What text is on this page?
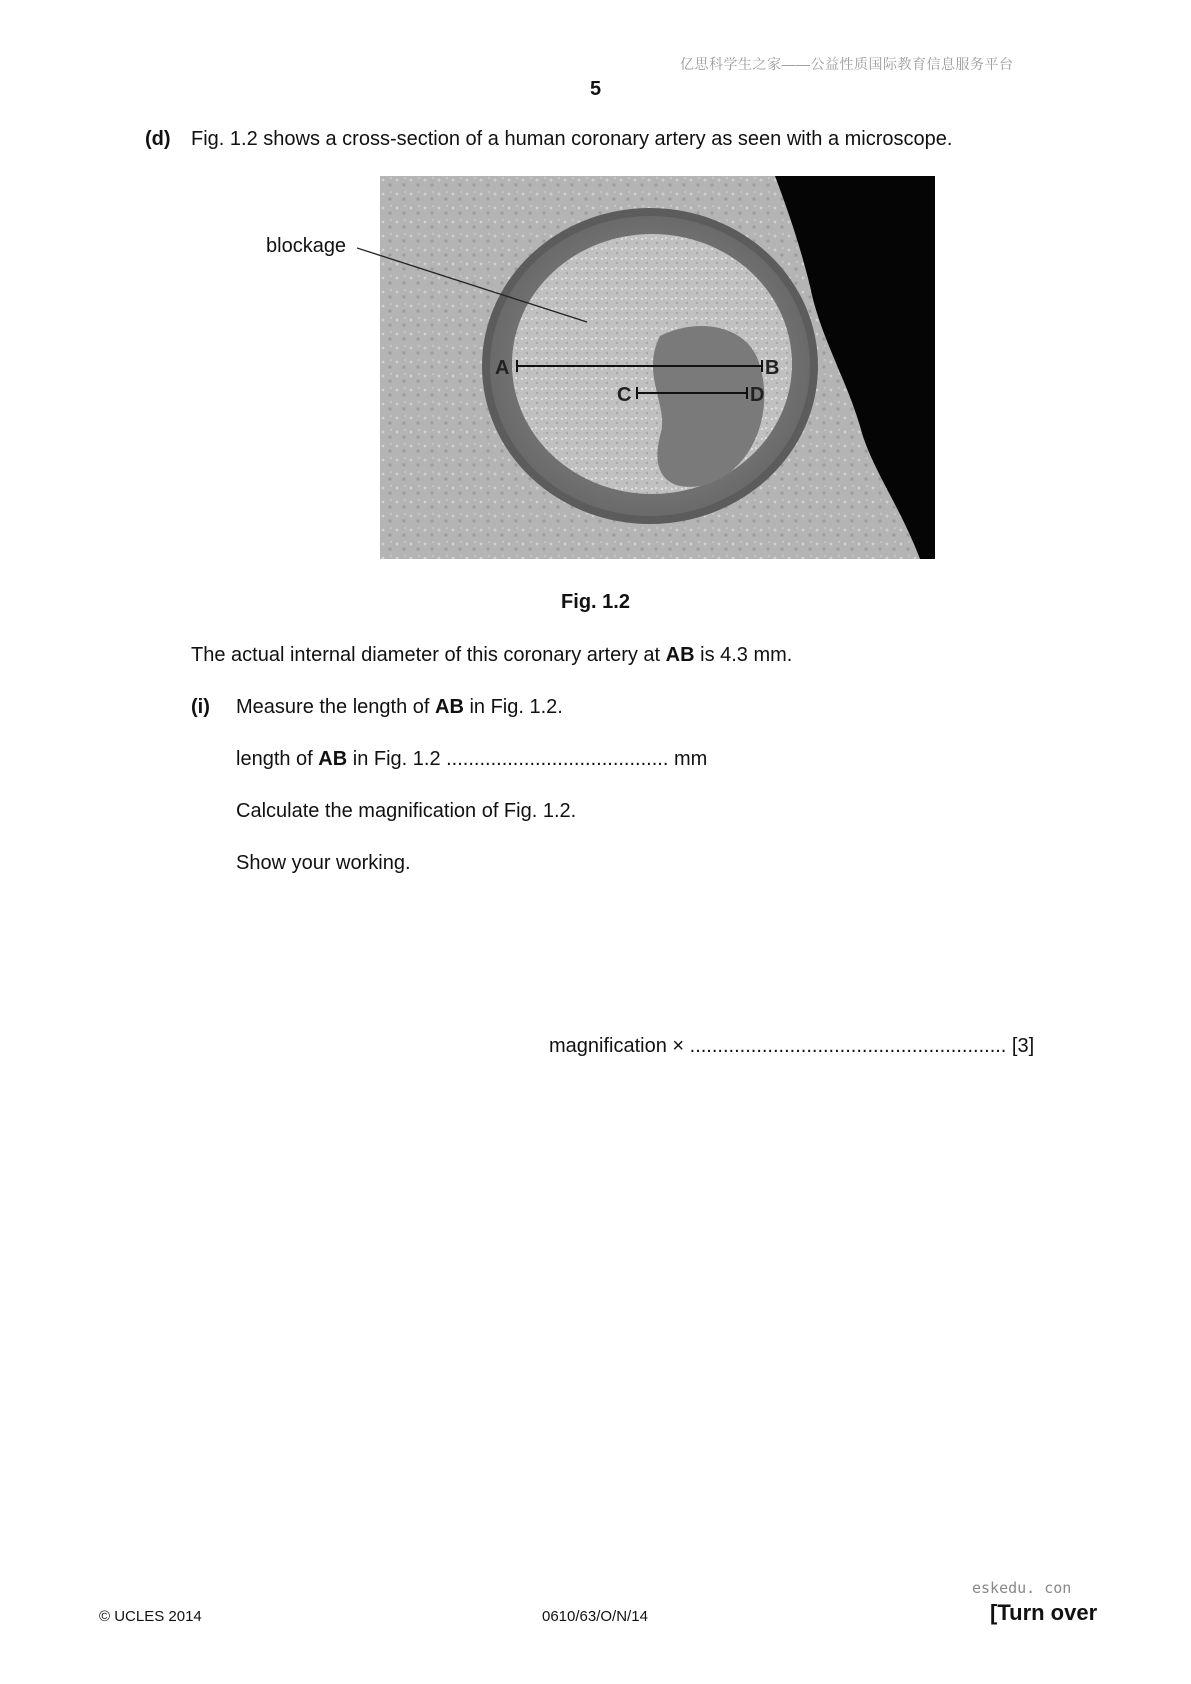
亿思科学生之家——公益性质国际教育信息服务平台
5
(d) Fig. 1.2 shows a cross-section of a human coronary artery as seen with a microscope.
blockage
A	B
C	D
Fig. 1.2
The actual internal diameter of this coronary artery at AB is 4.3 mm.
(i) Measure the length of AB in Fig. 1.2.
length of AB in Fig. 1.2 ........................................ mm
Calculate the magnification of Fig. 1.2.
Show your working.
magnification × ......................................................... [3]
© UCLES 2014	0610/63/O/N/14
eskedu. con
[Turn over
